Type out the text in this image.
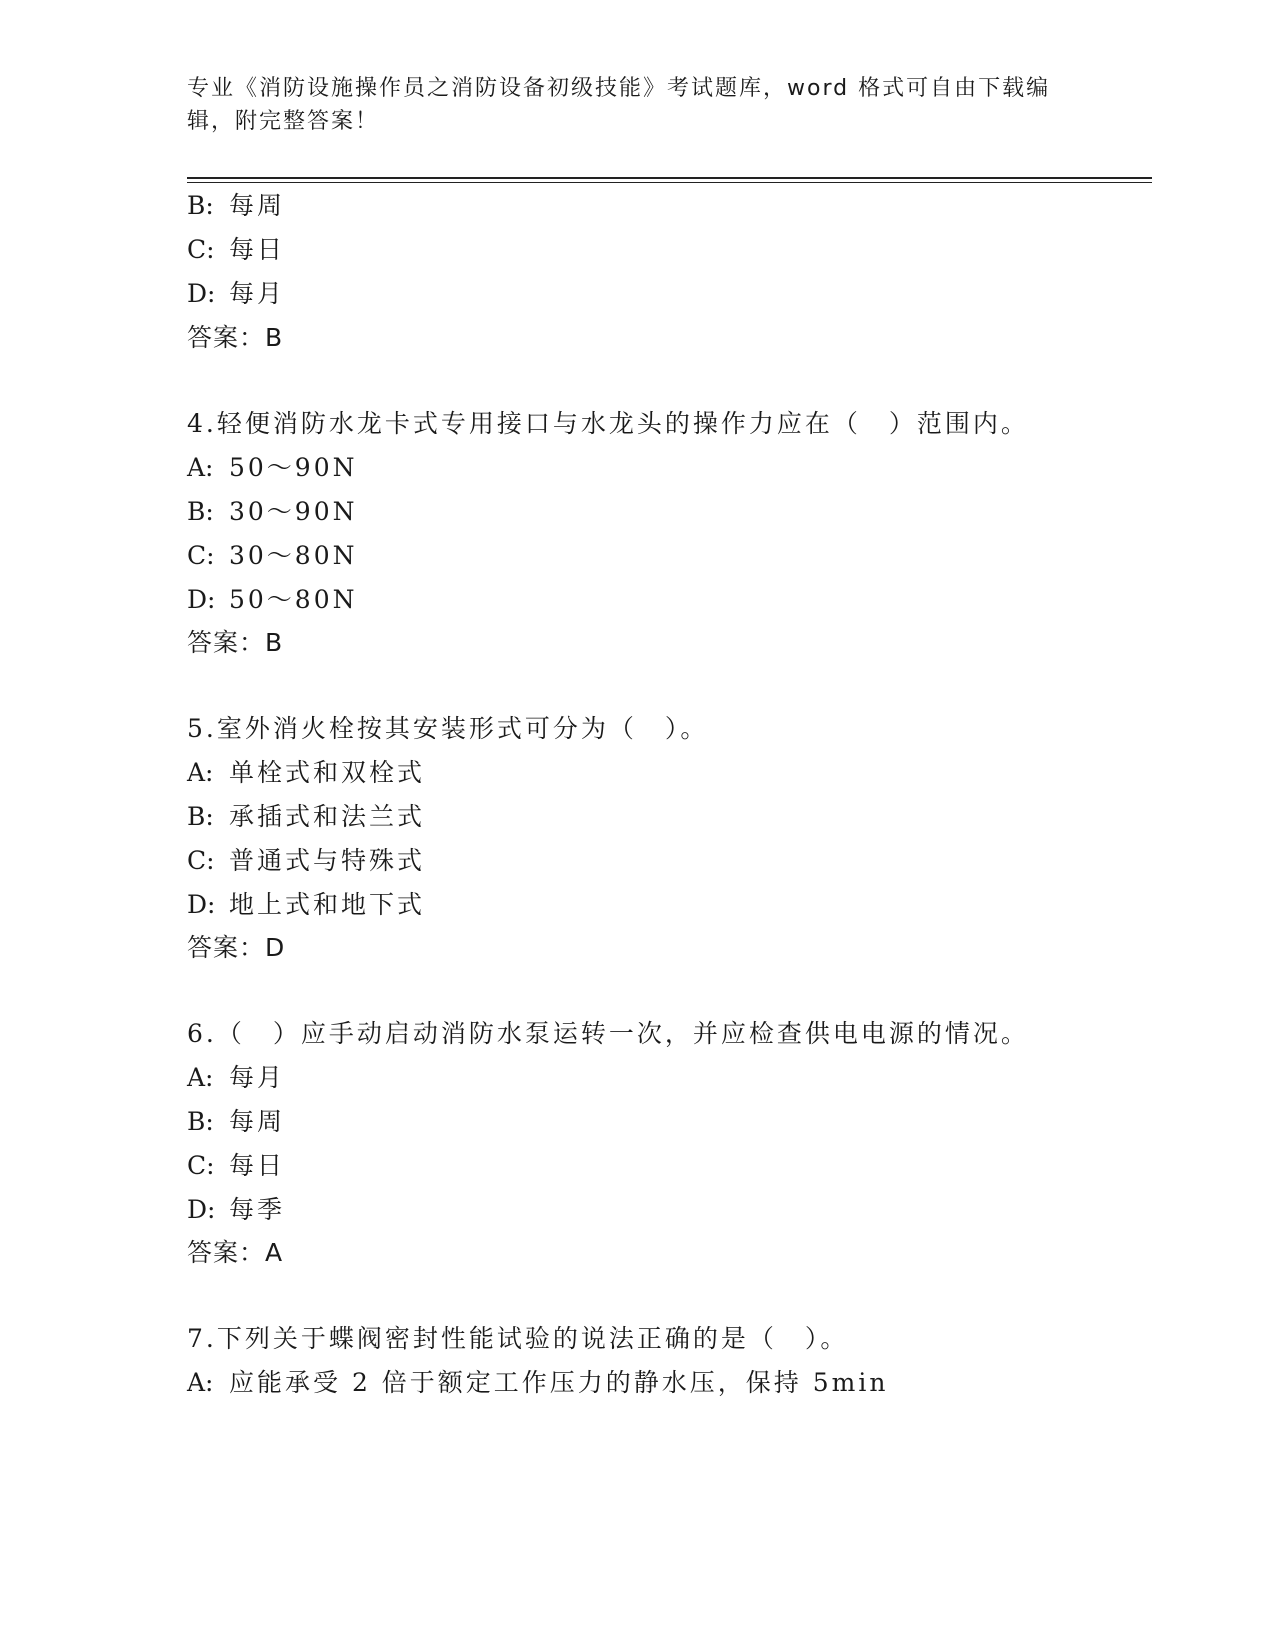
专业《消防设施操作员之消防设备初级技能》考试题库，word 格式可自由下载编辑，附完整答案！
B: 每周
C: 每日
D: 每月
答案：B
4.轻便消防水龙卡式专用接口与水龙头的操作力应在（　）范围内。
A: 50～90N
B: 30～90N
C: 30～80N
D: 50～80N
答案：B
5.室外消火栓按其安装形式可分为（　）。
A: 单栓式和双栓式
B: 承插式和法兰式
C: 普通式与特殊式
D: 地上式和地下式
答案：D
6.（　）应手动启动消防水泵运转一次，并应检查供电电源的情况。
A: 每月
B: 每周
C: 每日
D: 每季
答案：A
7.下列关于蝶阀密封性能试验的说法正确的是（　）。
A: 应能承受 2 倍于额定工作压力的静水压，保持 5min
